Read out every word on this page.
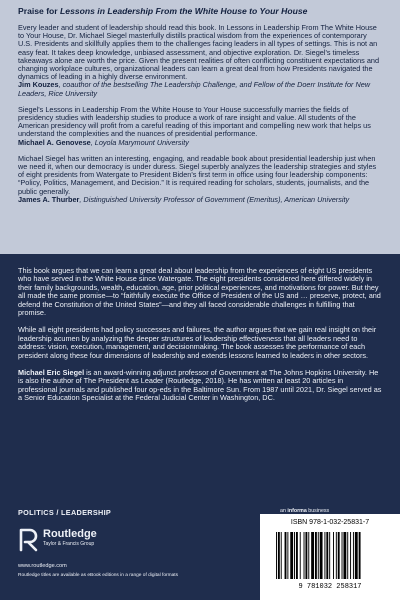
Praise for Lessons in Leadership From the White House to Your House

Every leader and student of leadership should read this book. In Lessons in Leadership From The White House to Your House, Dr. Michael Siegel masterfully distills practical wisdom from the experiences of contemporary U.S. Presidents and skillfully applies them to the challenges facing leaders in all types of settings. This is not an easy feat. It takes deep knowledge, unbiased assessment, and objective exploration. Dr. Siegel's timeless takeaways alone are worth the price. Given the present realities of often conflicting constituent expectations and changing workplace cultures, organizational leaders can learn a great deal from how Presidents navigated the dynamics of leading in a highly diverse environment.

Jim Kouzes, coauthor of the bestselling The Leadership Challenge, and Fellow of the Doerr Institute for New Leaders, Rice University

Siegel's Lessons in Leadership From the White House to Your House successfully marries the fields of presidency studies with leadership studies to produce a work of rare insight and value. All students of the American presidency will profit from a careful reading of this important and compelling new work that helps us understand the complexities and the nuances of presidential performance.

Michael A. Genovese, Loyola Marymount University

Michael Siegel has written an interesting, engaging, and readable book about presidential leadership just when we need it, when our democracy is under duress. Siegel superbly analyzes the leadership strategies and styles of eight presidents from Watergate to President Biden's first term in office using four leadership components: “Policy, Politics, Management, and Decision.” It is required reading for scholars, students, journalists, and the public generally.

James A. Thurber, Distinguished University Professor of Government (Emeritus), American University

This book argues that we can learn a great deal about leadership from the experiences of eight US presidents who have served in the White House since Watergate. The eight presidents considered here differed widely in their family backgrounds, wealth, education, age, prior political experiences, and motivations for power. But they all made the same promise—to “faithfully execute the Office of President of the US and … preserve, protect, and defend the Constitution of the United States”—and they all faced considerable challenges in fulfilling that promise.

While all eight presidents had policy successes and failures, the author argues that we gain real insight on their leadership acumen by analyzing the deeper structures of leadership effectiveness that all leaders need to address: vision, execution, management, and decisionmaking. The book assesses the performance of each president along these four dimensions of leadership and extends lessons learned to leaders in other sectors.

Michael Eric Siegel is an award-winning adjunct professor of Government at The Johns Hopkins University. He is also the author of The President as Leader (Routledge, 2018). He has written at least 20 articles in professional journals and published four op-eds in the Baltimore Sun. From 1987 until 2021, Dr. Siegel served as a Senior Education Specialist at the Federal Judicial Center in Washington, DC.

POLITICS / LEADERSHIP
Routledge
Taylor & Francis Group
www.routledge.com
Routledge titles are available as eBook editions in a range of digital formats
an informa business
ISBN 978-1-032-25831-7
9 781032 258317
